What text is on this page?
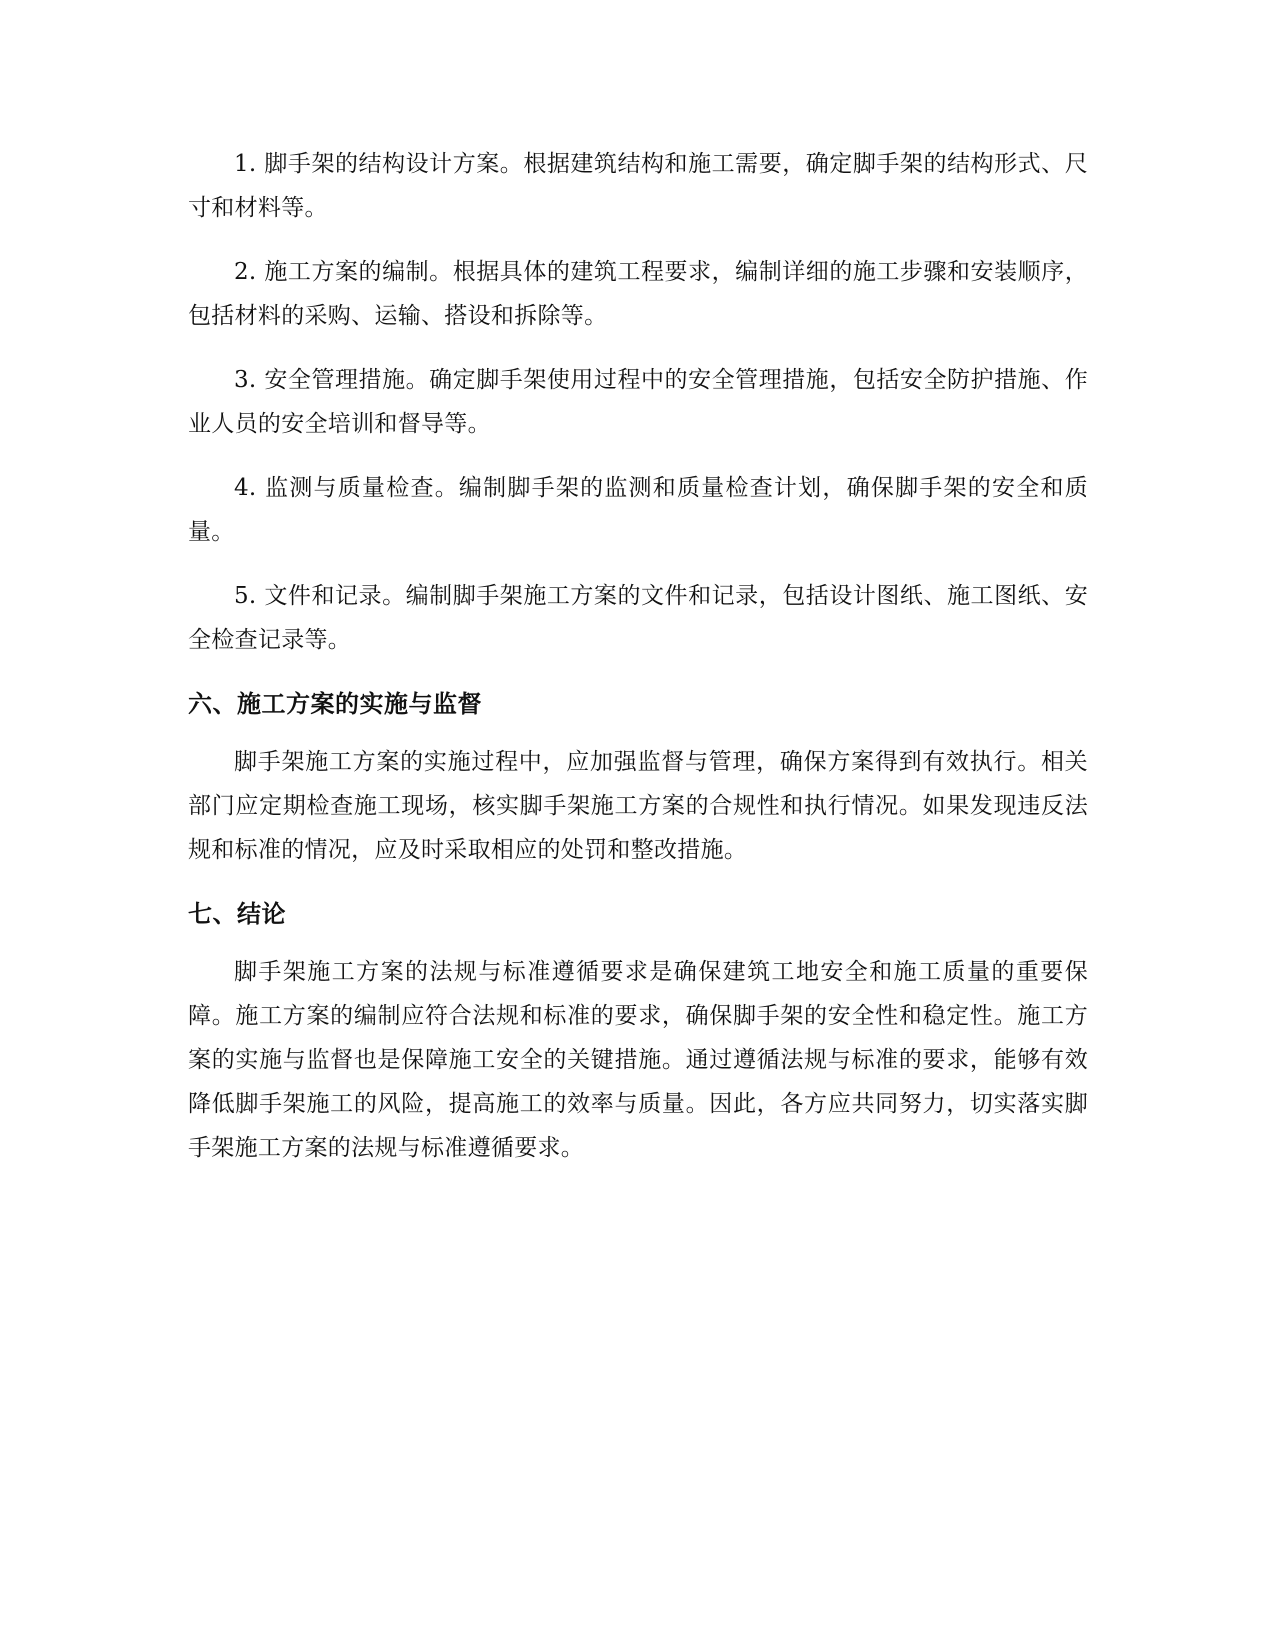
1. 脚手架的结构设计方案。根据建筑结构和施工需要，确定脚手架的结构形式、尺寸和材料等。

2. 施工方案的编制。根据具体的建筑工程要求，编制详细的施工步骤和安装顺序，包括材料的采购、运输、搭设和拆除等。

3. 安全管理措施。确定脚手架使用过程中的安全管理措施，包括安全防护措施、作业人员的安全培训和督导等。

4. 监测与质量检查。编制脚手架的监测和质量检查计划，确保脚手架的安全和质量。

5. 文件和记录。编制脚手架施工方案的文件和记录，包括设计图纸、施工图纸、安全检查记录等。

六、施工方案的实施与监督

脚手架施工方案的实施过程中，应加强监督与管理，确保方案得到有效执行。相关部门应定期检查施工现场，核实脚手架施工方案的合规性和执行情况。如果发现违反法规和标准的情况，应及时采取相应的处罚和整改措施。

七、结论

脚手架施工方案的法规与标准遵循要求是确保建筑工地安全和施工质量的重要保障。施工方案的编制应符合法规和标准的要求，确保脚手架的安全性和稳定性。施工方案的实施与监督也是保障施工安全的关键措施。通过遵循法规与标准的要求，能够有效降低脚手架施工的风险，提高施工的效率与质量。因此，各方应共同努力，切实落实脚手架施工方案的法规与标准遵循要求。
